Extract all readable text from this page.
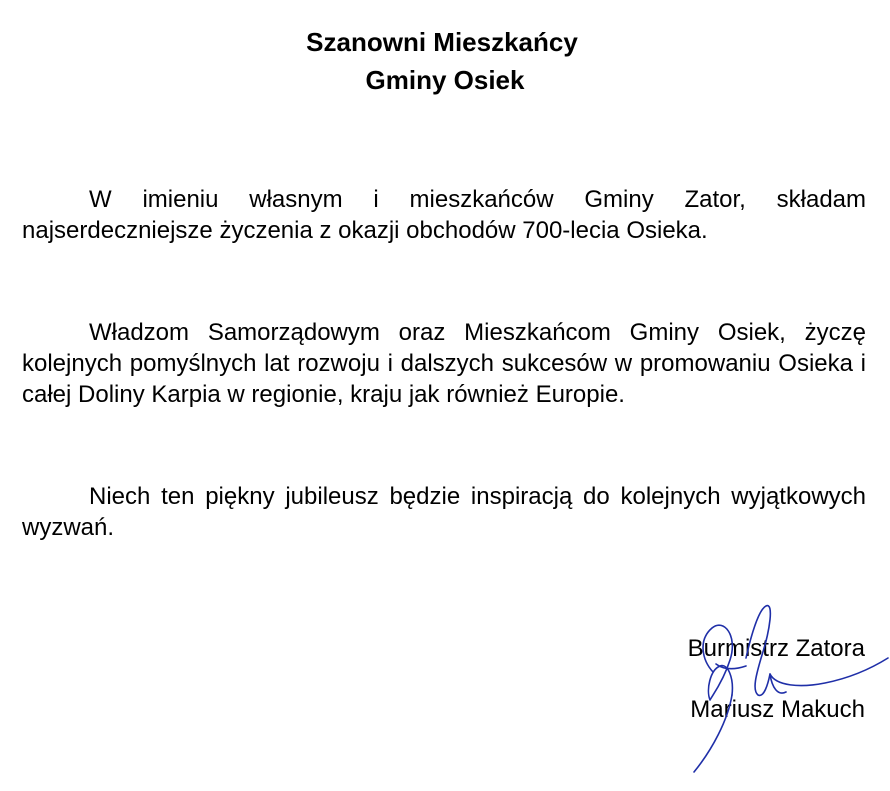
Szanowni Mieszkańcy
Gminy Osiek

W imieniu własnym i mieszkańców Gminy Zator, składam najserdeczniejsze życzenia z okazji obchodów 700-lecia Osieka.

Władzom Samorządowym oraz Mieszkańcom Gminy Osiek, życzę kolejnych pomyślnych lat rozwoju i dalszych sukcesów w promowaniu Osieka i całej Doliny Karpia w regionie, kraju jak również Europie.

Niech ten piękny jubileusz będzie inspiracją do kolejnych wyjątkowych wyzwań.

Burmistrz Zatora

Mariusz Makuch
